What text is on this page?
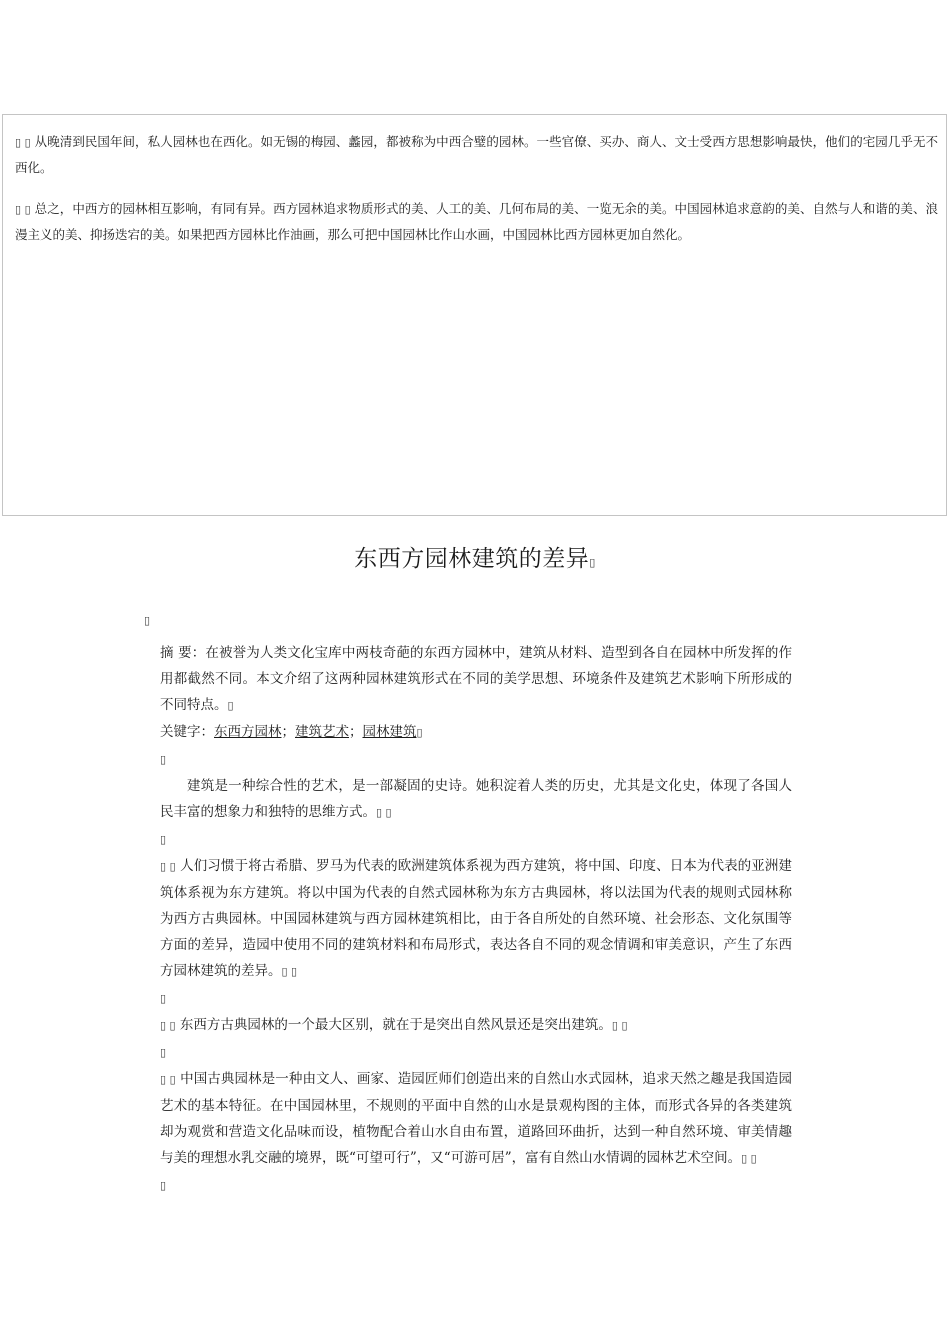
▯ ▯ 从晚清到民国年间，私人园林也在西化。如无锡的梅园、蠡园，都被称为中西合璧的园林。一些官僚、买办、商人、文士受西方思想影响最快，他们的宅园几乎无不西化。

▯ ▯ 总之，中西方的园林相互影响，有同有异。西方园林追求物质形式的美、人工的美、几何布局的美、一览无余的美。中国园林追求意韵的美、自然与人和谐的美、浪漫主义的美、抑扬迭宕的美。如果把西方园林比作油画，那么可把中国园林比作山水画，中国园林比西方园林更加自然化。

东西方园林建筑的差异▯
▯

摘 要：在被誉为人类文化宝库中两枝奇葩的东西方园林中，建筑从材料、造型到各自在园林中所发挥的作用都截然不同。本文介绍了这两种园林建筑形式在不同的美学思想、环境条件及建筑艺术影响下所形成的不同特点。▯

关键字：东西方园林；建筑艺术；园林建筑▯

▯

建筑是一种综合性的艺术，是一部凝固的史诗。她积淀着人类的历史，尤其是文化史，体现了各国人民丰富的想象力和独特的思维方式。▯ ▯

▯

▯ ▯ 人们习惯于将古希腊、罗马为代表的欧洲建筑体系视为西方建筑，将中国、印度、日本为代表的亚洲建筑体系视为东方建筑。将以中国为代表的自然式园林称为东方古典园林，将以法国为代表的规则式园林称为西方古典园林。中国园林建筑与西方园林建筑相比，由于各自所处的自然环境、社会形态、文化氛围等方面的差异，造园中使用不同的建筑材料和布局形式，表达各自不同的观念情调和审美意识，产生了东西方园林建筑的差异。▯ ▯

▯

▯ ▯ 东西方古典园林的一个最大区别，就在于是突出自然风景还是突出建筑。▯ ▯

▯

▯ ▯ 中国古典园林是一种由文人、画家、造园匠师们创造出来的自然山水式园林，追求天然之趣是我国造园艺术的基本特征。在中国园林里，不规则的平面中自然的山水是景观构图的主体，而形式各异的各类建筑却为观赏和营造文化品味而设，植物配合着山水自由布置，道路回环曲折，达到一种自然环境、审美情趣与美的理想水乳交融的境界，既“可望可行”，又“可游可居”，富有自然山水情调的园林艺术空间。▯ ▯

▯
